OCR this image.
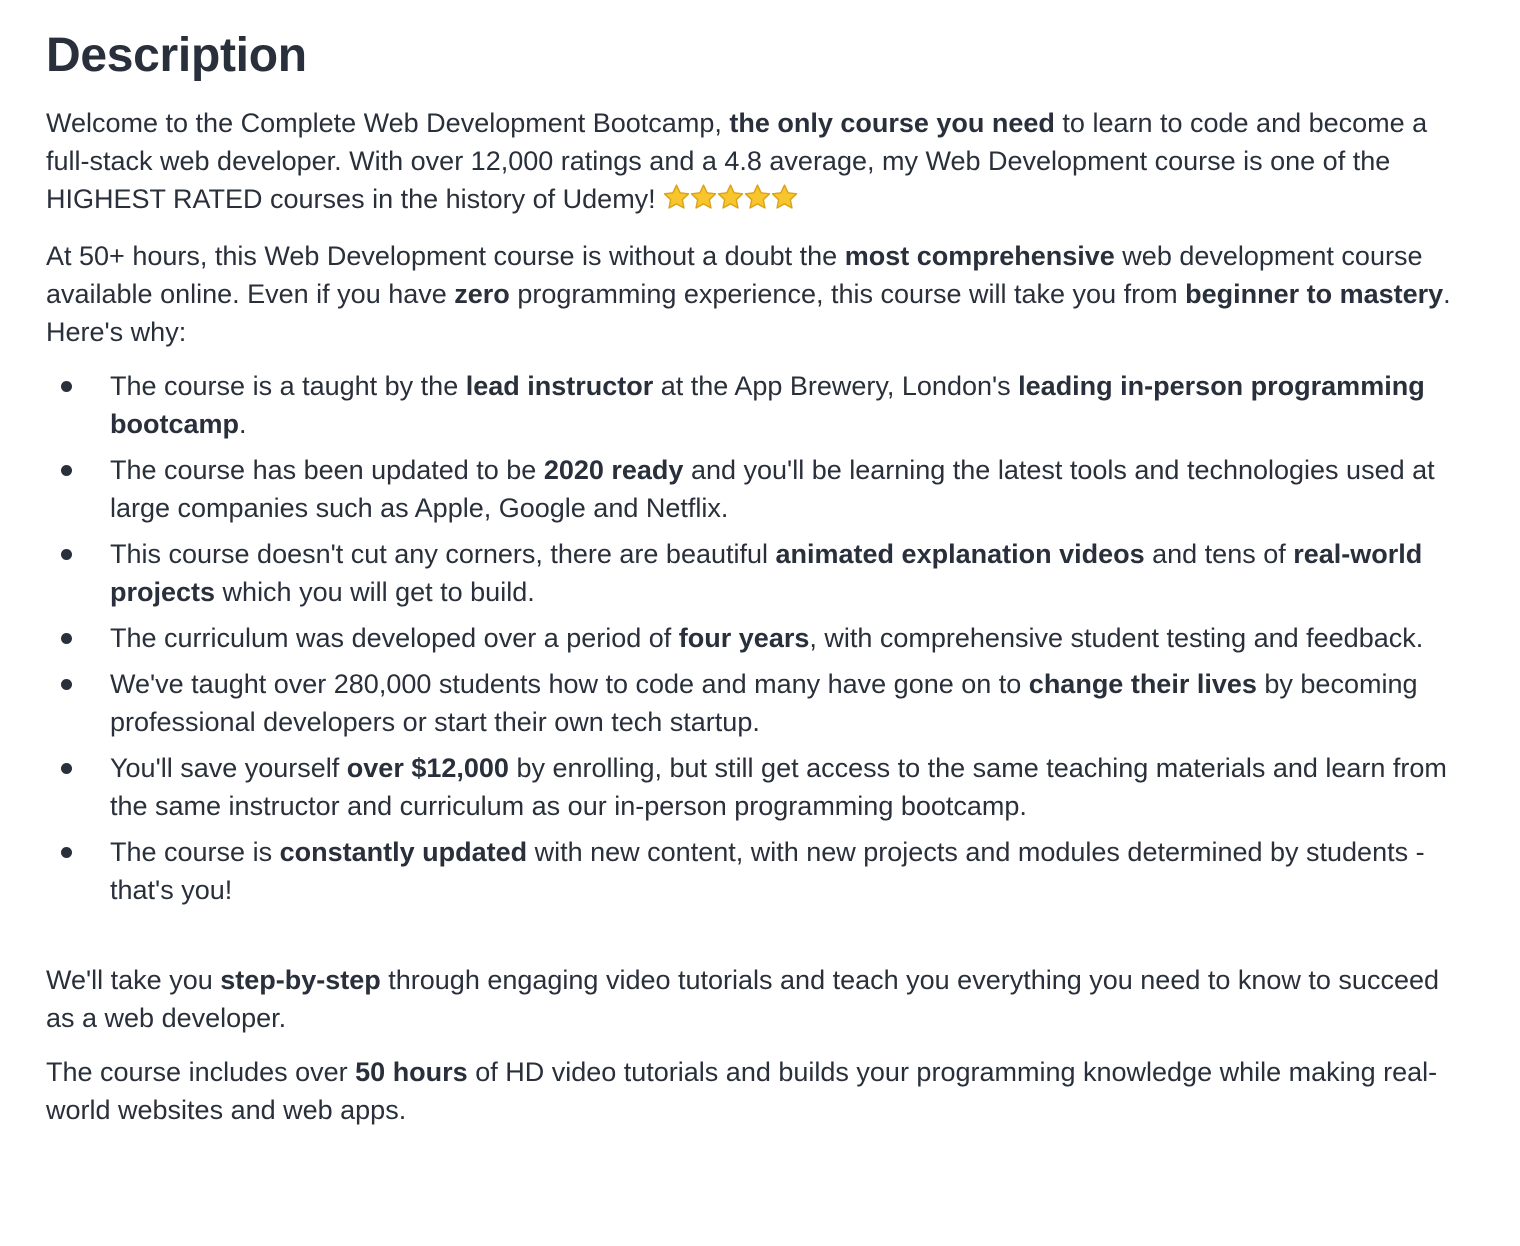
Description

Welcome to the Complete Web Development Bootcamp, the only course you need to learn to code and become a full-stack web developer. With over 12,000 ratings and a 4.8 average, my Web Development course is one of the HIGHEST RATED courses in the history of Udemy!

At 50+ hours, this Web Development course is without a doubt the most comprehensive web development course available online. Even if you have zero programming experience, this course will take you from beginner to mastery. Here's why:

The course is a taught by the lead instructor at the App Brewery, London's leading in-person programming bootcamp.
The course has been updated to be 2020 ready and you'll be learning the latest tools and technologies used at large companies such as Apple, Google and Netflix.
This course doesn't cut any corners, there are beautiful animated explanation videos and tens of real-world projects which you will get to build.
The curriculum was developed over a period of four years, with comprehensive student testing and feedback.
We've taught over 280,000 students how to code and many have gone on to change their lives by becoming professional developers or start their own tech startup.
You'll save yourself over $12,000 by enrolling, but still get access to the same teaching materials and learn from the same instructor and curriculum as our in-person programming bootcamp.
The course is constantly updated with new content, with new projects and modules determined by students - that's you!

We'll take you step-by-step through engaging video tutorials and teach you everything you need to know to succeed as a web developer.

The course includes over 50 hours of HD video tutorials and builds your programming knowledge while making real-world websites and web apps.
